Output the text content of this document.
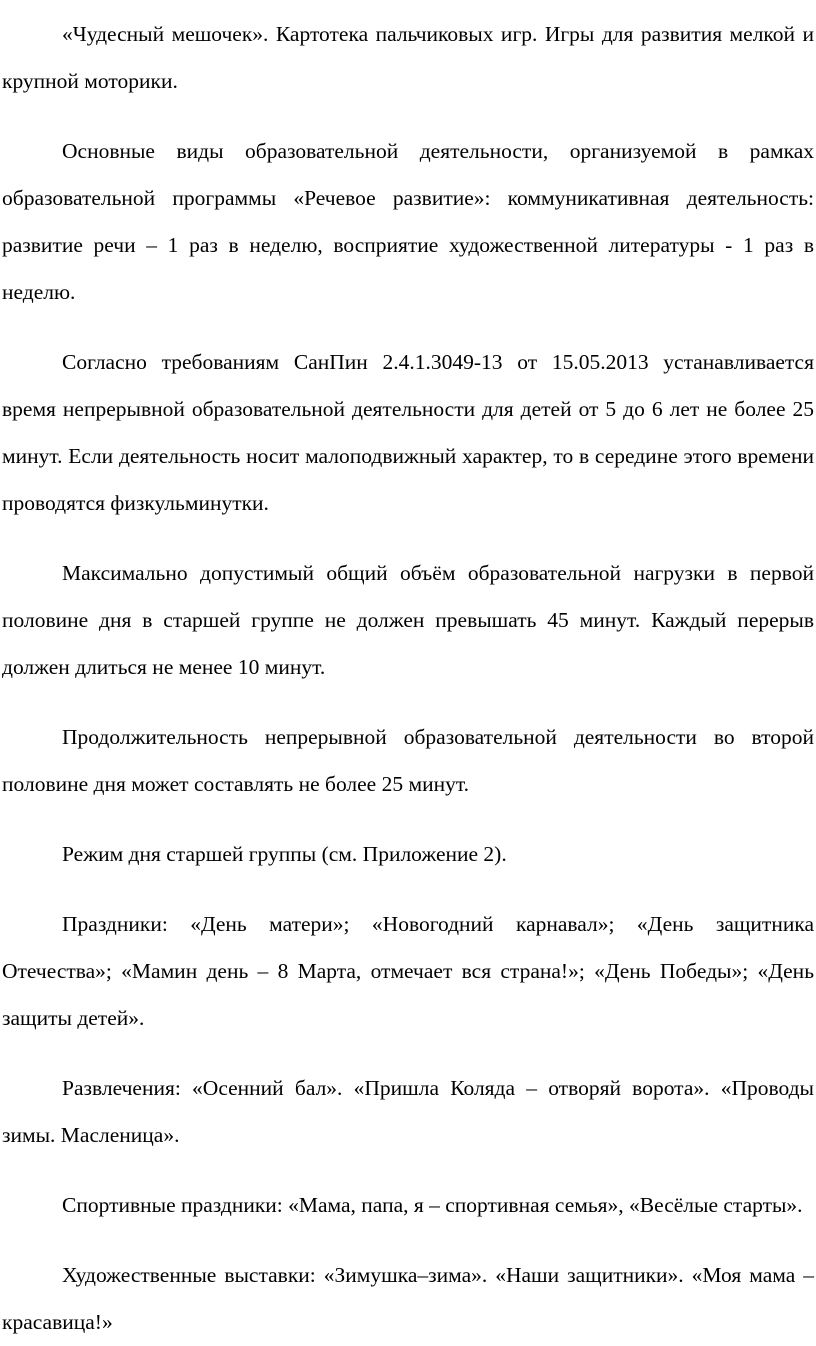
«Чудесный мешочек». Картотека пальчиковых игр. Игры для развития мелкой и крупной моторики.

Основные виды образовательной деятельности, организуемой в рамках образовательной программы «Речевое развитие»: коммуникативная деятельность: развитие речи – 1 раз в неделю, восприятие художественной литературы - 1 раз в неделю.

Согласно требованиям СанПин 2.4.1.3049-13 от 15.05.2013 устанавливается время непрерывной образовательной деятельности для детей от 5 до 6 лет не более 25 минут. Если деятельность носит малоподвижный характер, то в середине этого времени проводятся физкульминутки.

Максимально допустимый общий объём образовательной нагрузки в первой половине дня в старшей группе не должен превышать 45 минут. Каждый перерыв должен длиться не менее 10 минут.

Продолжительность непрерывной образовательной деятельности во второй половине дня может составлять не более 25 минут.

Режим дня старшей группы (см. Приложение 2).

Праздники: «День матери»; «Новогодний карнавал»; «День защитника Отечества»; «Мамин день – 8 Марта, отмечает вся страна!»; «День Победы»; «День защиты детей».

Развлечения: «Осенний бал». «Пришла Коляда – отворяй ворота». «Проводы зимы. Масленица».

Спортивные праздники: «Мама, папа, я – спортивная семья», «Весёлые старты».

Художественные выставки: «Зимушка–зима». «Наши защитники». «Моя мама – красавица!»
